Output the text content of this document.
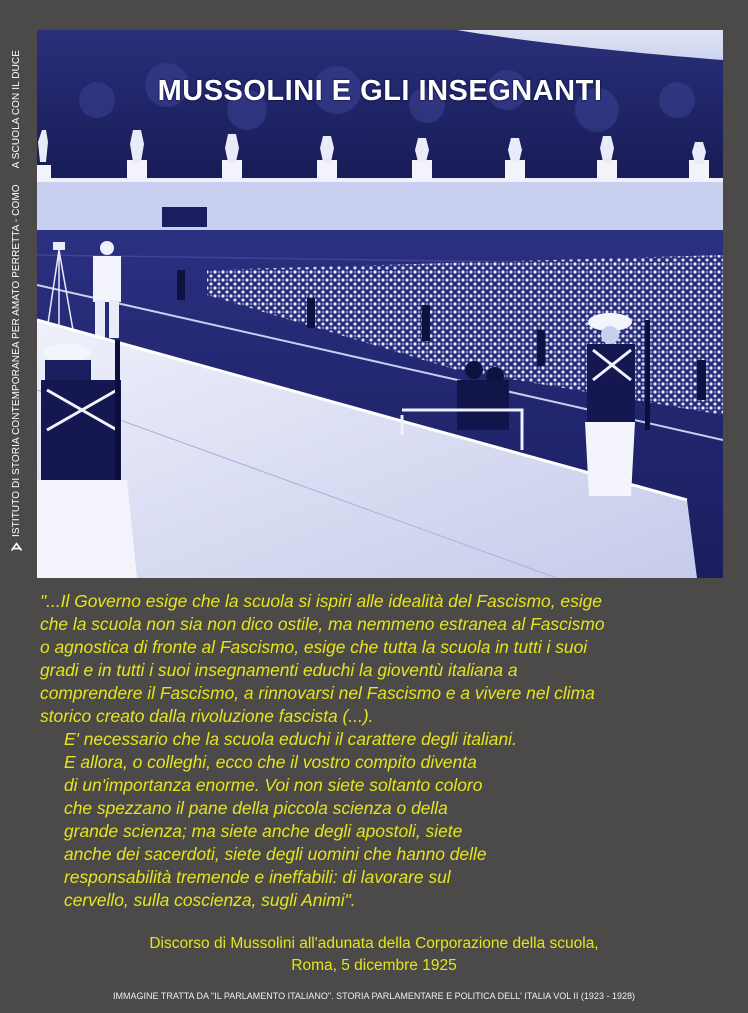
ISTITUTO DI STORIA CONTEMPORANEA PER AMATO PERRETTA - COMO
A SCUOLA CON IL DUCE	MUSSOLINI E GLI INSEGNANTI
"...Il Governo esige che la scuola si ispiri alle idealità del Fascismo, esige
che la scuola non sia non dico ostile, ma nemmeno estranea al Fascismo
o agnostica di fronte al Fascismo, esige che tutta la scuola in tutti i suoi
gradi e in tutti i suoi insegnamenti educhi la gioventù italiana a
comprendere il Fascismo, a rinnovarsi nel Fascismo e a vivere nel clima
storico creato dalla rivoluzione fascista (...).
E' necessario che la scuola educhi il carattere degli italiani.
E allora, o colleghi, ecco che il vostro compito diventa
di un'importanza enorme. Voi non siete soltanto coloro
che spezzano il pane della piccola scienza o della
grande scienza; ma siete anche degli apostoli, siete
anche dei sacerdoti, siete degli uomini che hanno delle
responsabilità tremende e ineffabili: di lavorare sul
cervello, sulla coscienza, sugli Animi".
Discorso di Mussolini all'adunata della Corporazione della scuola,
Roma, 5 dicembre 1925
IMMAGINE TRATTA DA "IL PARLAMENTO ITALIANO". STORIA PARLAMENTARE E POLITICA DELL' ITALIA VOL II (1923 - 1928)
